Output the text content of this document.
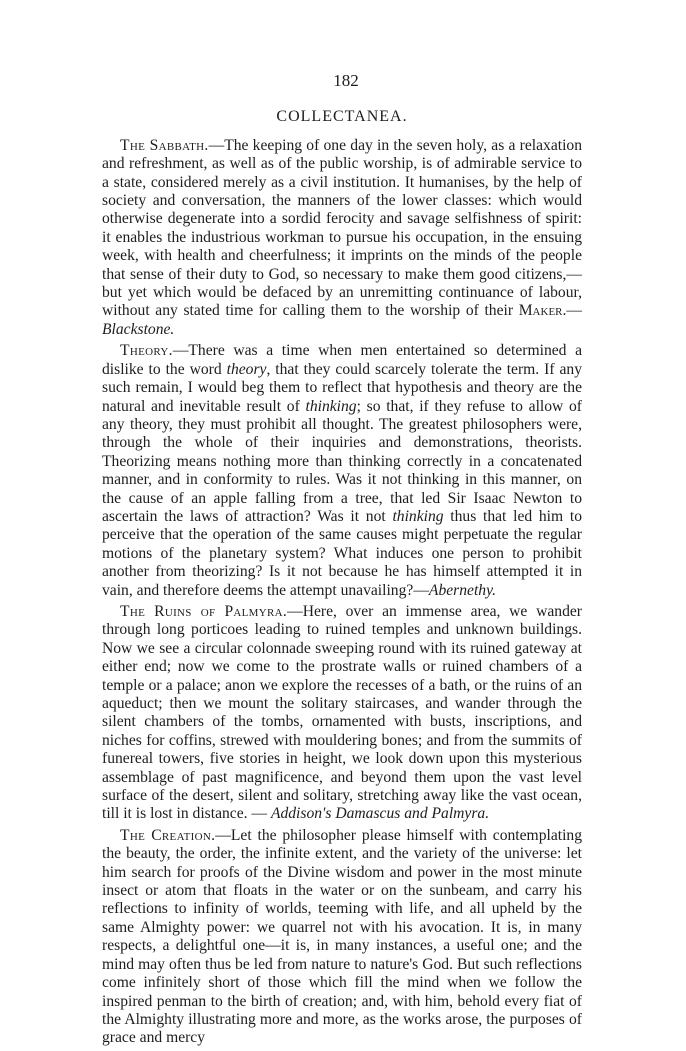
182
COLLECTANEA.

The Sabbath.—The keeping of one day in the seven holy, as a relaxation and refreshment, as well as of the public worship, is of admirable service to a state, considered merely as a civil institution. It humanises, by the help of society and conversation, the manners of the lower classes: which would otherwise degenerate into a sordid ferocity and savage selfishness of spirit: it enables the industrious workman to pursue his occupation, in the ensuing week, with health and cheerfulness; it imprints on the minds of the people that sense of their duty to God, so necessary to make them good citizens,—but yet which would be defaced by an unremitting continuance of labour, without any stated time for calling them to the worship of their Maker.—Blackstone.

Theory.—There was a time when men entertained so determined a dislike to the word theory, that they could scarcely tolerate the term. If any such remain, I would beg them to reflect that hypothesis and theory are the natural and inevitable result of thinking; so that, if they refuse to allow of any theory, they must prohibit all thought. The greatest philosophers were, through the whole of their inquiries and demonstrations, theorists. Theorizing means nothing more than thinking correctly in a concatenated manner, and in conformity to rules. Was it not thinking in this manner, on the cause of an apple falling from a tree, that led Sir Isaac Newton to ascertain the laws of attraction? Was it not thinking thus that led him to perceive that the operation of the same causes might perpetuate the regular motions of the planetary system? What induces one person to prohibit another from theorizing? Is it not because he has himself attempted it in vain, and therefore deems the attempt unavailing?—Abernethy.

The Ruins of Palmyra.—Here, over an immense area, we wander through long porticoes leading to ruined temples and unknown buildings. Now we see a circular colonnade sweeping round with its ruined gateway at either end; now we come to the prostrate walls or ruined chambers of a temple or a palace; anon we explore the recesses of a bath, or the ruins of an aqueduct; then we mount the solitary staircases, and wander through the silent chambers of the tombs, ornamented with busts, inscriptions, and niches for coffins, strewed with mouldering bones; and from the summits of funereal towers, five stories in height, we look down upon this mysterious assemblage of past magnificence, and beyond them upon the vast level surface of the desert, silent and solitary, stretching away like the vast ocean, till it is lost in distance. — Addison's Damascus and Palmyra.

The Creation.—Let the philosopher please himself with contemplating the beauty, the order, the infinite extent, and the variety of the universe: let him search for proofs of the Divine wisdom and power in the most minute insect or atom that floats in the water or on the sunbeam, and carry his reflections to infinity of worlds, teeming with life, and all upheld by the same Almighty power: we quarrel not with his avocation. It is, in many respects, a delightful one—it is, in many instances, a useful one; and the mind may often thus be led from nature to nature's God. But such reflections come infinitely short of those which fill the mind when we follow the inspired penman to the birth of creation; and, with him, behold every fiat of the Almighty illustrating more and more, as the works arose, the purposes of grace and mercy
